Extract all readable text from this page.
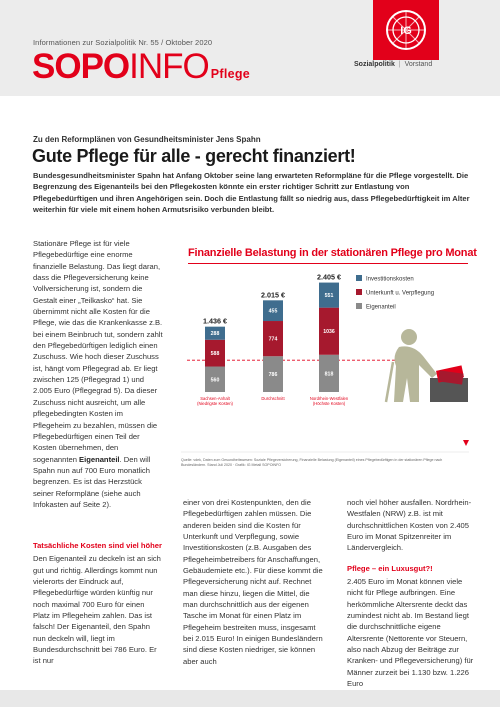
Informationen zur Sozialpolitik Nr. 55 / Oktober 2020
SOPOINFO Pflege
IG
Sozialpolitik | Vorstand
Zu den Reformplänen von Gesundheitsminister Jens Spahn
Gute Pflege für alle - gerecht finanziert!
Bundesgesundheitsminister Spahn hat Anfang Oktober seine lang erwarteten Reformpläne für die Pflege vorgestellt. Die Begrenzung des Eigenanteils bei den Pflegekosten könnte ein erster richtiger Schritt zur Entlastung von Pflegebedürftigen und ihren Angehörigen sein. Doch die Entlastung fällt so niedrig aus, dass Pflegebedürftigkeit im Alter weiterhin für viele mit einem hohen Armutsrisiko verbunden bleibt.

Stationäre Pflege ist für viele Pflegebedürftige eine enorme finanzielle Belastung. Das liegt daran, dass die Pflegeversicherung keine Vollversicherung ist, sondern die Gestalt einer „Teilkasko“ hat. Sie übernimmt nicht alle Kosten für die Pflege, wie das die Krankenkasse z.B. bei einem Beinbruch tut, sondern zahlt den Pflegebedürftigen lediglich einen Zuschuss. Wie hoch dieser Zuschuss ist, hängt vom Pflegegrad ab. Er liegt zwischen 125 (Pflegegrad 1) und 2.005 Euro (Pflegegrad 5). Da dieser Zuschuss nicht ausreicht, um alle pflegebedingten Kosten im Pflegeheim zu bezahlen, müssen die Pflegebedürftigen einen Teil der Kosten übernehmen, den sogenannten Eigenanteil. Den will Spahn nun auf 700 Euro monatlich begrenzen. Es ist das Herzstück seiner Reformpläne (siehe auch Infokasten auf Seite 2).

Tatsächliche Kosten sind viel höher

Den Eigenanteil zu deckeln ist an sich gut und richtig. Allerdings kommt nun vielerorts der Eindruck auf, Pflegebedürftige würden künftig nur noch maximal 700 Euro für einen Platz im Pflegeheim zahlen. Das ist falsch! Der Eigenanteil, den Spahn nun deckeln will, liegt im Bundesdurchschnitt bei 786 Euro. Er ist nur

einer von drei Kostenpunkten, den die Pflegebedürftigen zahlen müssen. Die anderen beiden sind die Kosten für Unterkunft und Verpflegung, sowie Investitionskosten (z.B. Ausgaben des Pflegeheimbetreibers für Anschaffungen, Gebäudemiete etc.). Für diese kommt die Pflegeversicherung nicht auf. Rechnet man diese hinzu, liegen die Mittel, die man durchschnittlich aus der eigenen Tasche im Monat für einen Platz im Pflegeheim bestreiten muss, insgesamt bei 2.015 Euro! In einigen Bundesländern sind diese Kosten niedriger, sie können aber auch

noch viel höher ausfallen. Nordrhein-Westfalen (NRW) z.B. ist mit durchschnittlichen Kosten von 2.405 Euro im Monat Spitzenreiter im Ländervergleich.

Pflege – ein Luxusgut?!

2.405 Euro im Monat können viele nicht für Pflege aufbringen. Eine herkömmliche Altersrente deckt das zumindest nicht ab. Im Bestand liegt die durchschnittliche eigene Altersrente (Nettorente vor Steuern, also nach Abzug der Beiträge zur Kranken- und Pflegeversicherung) für Männer zurzeit bei 1.130 bzw. 1.226 Euro

Finanzielle Belastung in der stationären Pflege pro Monat
560
588
288
1.436 €
Sachsen-Anhalt
(Niedrigste Kosten)
786
774
455
2.015 €
Durchschnitt
818
1036
551
2.405 €
Nordrhein-Westfalen
(Höchste Kosten)
Investitionskosten
Unterkunft u. Verpflegung
Eigenanteil
Quelle: vdek, Daten zum Gesundheitswesen: Soziale Pflegeversicherung, Finanzielle Belastung (Eigenanteil) eines Pflegebedürftigen in der stationären Pflege nach Bundesländern. Stand Juli 2020 · Grafik: IG Metall SOPOINFO
